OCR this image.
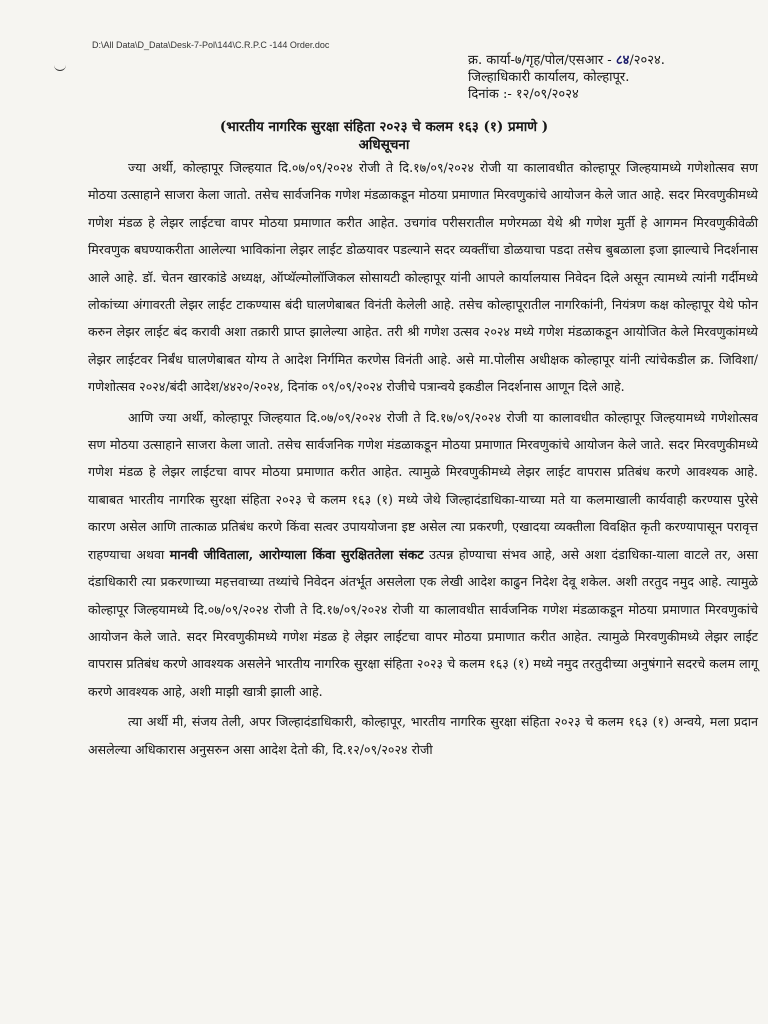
D:\All Data\D_Data\Desk-7-Pol\144\C.R.P.C -144 Order.doc
क्र. कार्या-७/गृह/पोल/एसआर - ८४/२०२४.
जिल्हाधिकारी कार्यालय, कोल्हापूर.
दिनांक :- १२/०९/२०२४
(भारतीय नागरिक सुरक्षा संहिता २०२३ चे कलम १६३ (१) प्रमाणे )
अधिसूचना

ज्या अर्थी, कोल्हापूर जिल्हयात दि.०७/०९/२०२४ रोजी ते दि.१७/०९/२०२४ रोजी या कालावधीत कोल्हापूर जिल्हयामध्ये गणेशोत्सव सण मोठया उत्साहाने साजरा केला जातो. तसेच सार्वजनिक गणेश मंडळाकडून मोठया प्रमाणात मिरवणुकांचे आयोजन केले जात आहे. सदर मिरवणुकीमध्ये गणेश मंडळ हे लेझर लाईटचा वापर मोठया प्रमाणात करीत आहेत. उचगांव परीसरातील मणेरमळा येथे श्री गणेश मुर्ती हे आगमन मिरवणुकीवेळी मिरवणुक बघण्याकरीता आलेल्या भाविकांना लेझर लाईट डोळयावर पडल्याने सदर व्यक्तींचा डोळयाचा पडदा तसेच बुबळाला इजा झाल्याचे निदर्शनास आले आहे. डॉ. चेतन खारकांडे अध्यक्ष, ऑप्थॅल्मोलॉजिकल सोसायटी कोल्हापूर यांनी आपले कार्यालयास निवेदन दिले असून त्यामध्ये त्यांनी गर्दीमध्ये लोकांच्या अंगावरती लेझर लाईट टाकण्यास बंदी घालणेबाबत विनंती केलेली आहे. तसेच कोल्हापूरातील नागरिकांनी, नियंत्रण कक्ष कोल्हापूर येथे फोन करुन लेझर लाईट बंद करावी अशा तक्रारी प्राप्त झालेल्या आहेत. तरी श्री गणेश उत्सव २०२४ मध्ये गणेश मंडळाकडून आयोजित केले मिरवणुकांमध्ये लेझर लाईटवर निर्बंध घालणेबाबत योग्य ते आदेश निर्गमित करणेस विनंती आहे. असे मा.पोलीस अधीक्षक कोल्हापूर यांनी त्यांचेकडील क्र. जिविशा/गणेशोत्सव २०२४/बंदी आदेश/४४२०/२०२४, दिनांक ०९/०९/२०२४ रोजीचे पत्रान्वये इकडील निदर्शनास आणून दिले आहे.

आणि ज्या अर्थी, कोल्हापूर जिल्हयात दि.०७/०९/२०२४ रोजी ते दि.१७/०९/२०२४ रोजी या कालावधीत कोल्हापूर जिल्हयामध्ये गणेशोत्सव सण मोठया उत्साहाने साजरा केला जातो. तसेच सार्वजनिक गणेश मंडळाकडून मोठया प्रमाणात मिरवणुकांचे आयोजन केले जाते. सदर मिरवणुकीमध्ये गणेश मंडळ हे लेझर लाईटचा वापर मोठया प्रमाणात करीत आहेत. त्यामुळे मिरवणुकीमध्ये लेझर लाईट वापरास प्रतिबंध करणे आवश्यक आहे. याबाबत भारतीय नागरिक सुरक्षा संहिता २०२३ चे कलम १६३ (१) मध्ये जेथे जिल्हादंडाधिका-याच्या मते या कलमाखाली कार्यवाही करण्यास पुरेसे कारण असेल आणि तात्काळ प्रतिबंध करणे किंवा सत्वर उपाययोजना इष्ट असेल त्या प्रकरणी, एखादया व्यक्तीला विवक्षित कृती करण्यापासून परावृत्त राहण्याचा अथवा मानवी जीविताला, आरोग्याला किंवा सुरक्षिततेला संकट उत्पन्न होण्याचा संभव आहे, असे अशा दंडाधिका-याला वाटले तर, असा दंडाधिकारी त्या प्रकरणाच्या महत्तवाच्या तथ्यांचे निवेदन अंतर्भूत असलेला एक लेखी आदेश काढुन निदेश देवू शकेल. अशी तरतुद नमुद आहे. त्यामुळे कोल्हापूर जिल्हयामध्ये दि.०७/०९/२०२४ रोजी ते दि.१७/०९/२०२४ रोजी या कालावधीत सार्वजनिक गणेश मंडळाकडून मोठया प्रमाणात मिरवणुकांचे आयोजन केले जाते. सदर मिरवणुकीमध्ये गणेश मंडळ हे लेझर लाईटचा वापर मोठया प्रमाणात करीत आहेत. त्यामुळे मिरवणुकीमध्ये लेझर लाईट वापरास प्रतिबंध करणे आवश्यक असलेने भारतीय नागरिक सुरक्षा संहिता २०२३ चे कलम १६३ (१) मध्ये नमुद तरतुदीच्या अनुषंगाने सदरचे कलम लागू करणे आवश्यक आहे, अशी माझी खात्री झाली आहे.

त्या अर्थी मी, संजय तेली, अपर जिल्हादंडाधिकारी, कोल्हापूर, भारतीय नागरिक सुरक्षा संहिता २०२३ चे कलम १६३ (१) अन्वये, मला प्रदान असलेल्या अधिकारास अनुसरुन असा आदेश देतो की, दि.१२/०९/२०२४ रोजी
